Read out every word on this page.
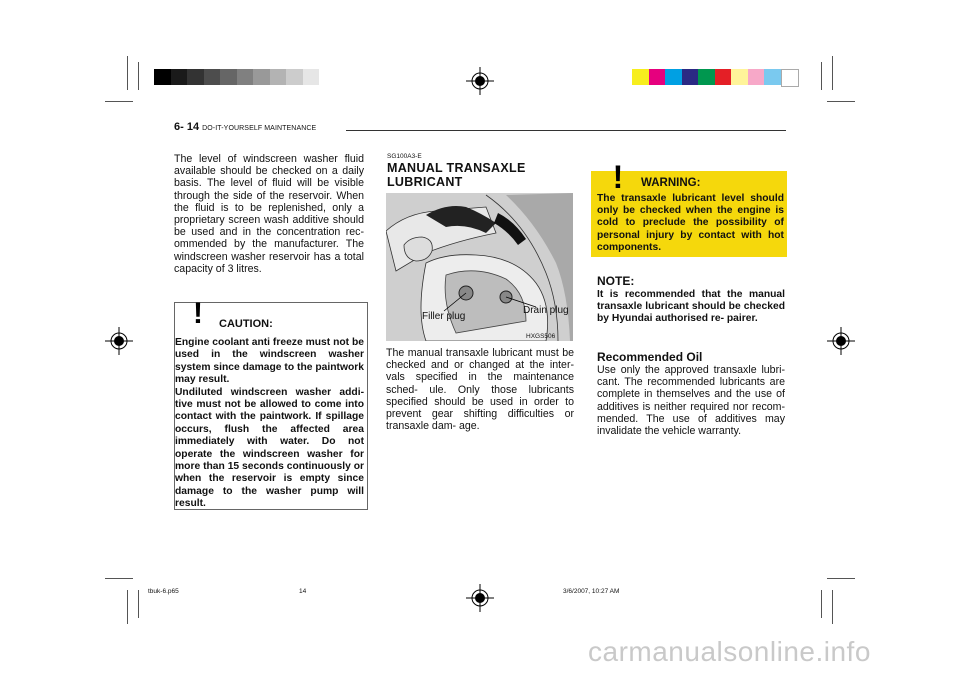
6- 14 DO-IT-YOURSELF MAINTENANCE
The level of windscreen washer fluid available should be checked on a daily basis. The level of fluid will be visible through the side of the reservoir. When the fluid is to be replenished, only a proprietary screen wash additive should be used and in the concentration rec- ommended by the manufacturer. The windscreen washer reservoir has a total capacity of 3 litres.
! CAUTION:
Engine coolant anti freeze must not be used in the windscreen washer system since damage to the paintwork may result.
Undiluted windscreen washer addi- tive must not be allowed to come into contact with the paintwork. If spillage occurs, flush the affected area immediately with water. Do not operate the windscreen washer for more than 15 seconds continuously or when the reservoir is empty since damage to the washer pump will result.
SG100A3-E
MANUAL TRANSAXLE
LUBRICANT
Filler plug
Drain plug
HXGS506
The manual transaxle lubricant must be checked and or changed at the inter- vals specified in the maintenance sched- ule. Only those lubricants specified should be used in order to prevent gear shifting difficulties or transaxle dam- age.
! WARNING:
The transaxle lubricant level should only be checked when the engine is cold to preclude the possibility of personal injury by contact with hot components.
NOTE:
It is recommended that the manual transaxle lubricant should be checked by Hyundai authorised re- pairer.
Recommended Oil
Use only the approved transaxle lubri- cant. The recommended lubricants are complete in themselves and the use of additives is neither required nor recom- mended. The use of additives may invalidate the vehicle warranty.
tbuk-6.p65	14	3/6/2007, 10:27 AM
carmanualsonline.info
